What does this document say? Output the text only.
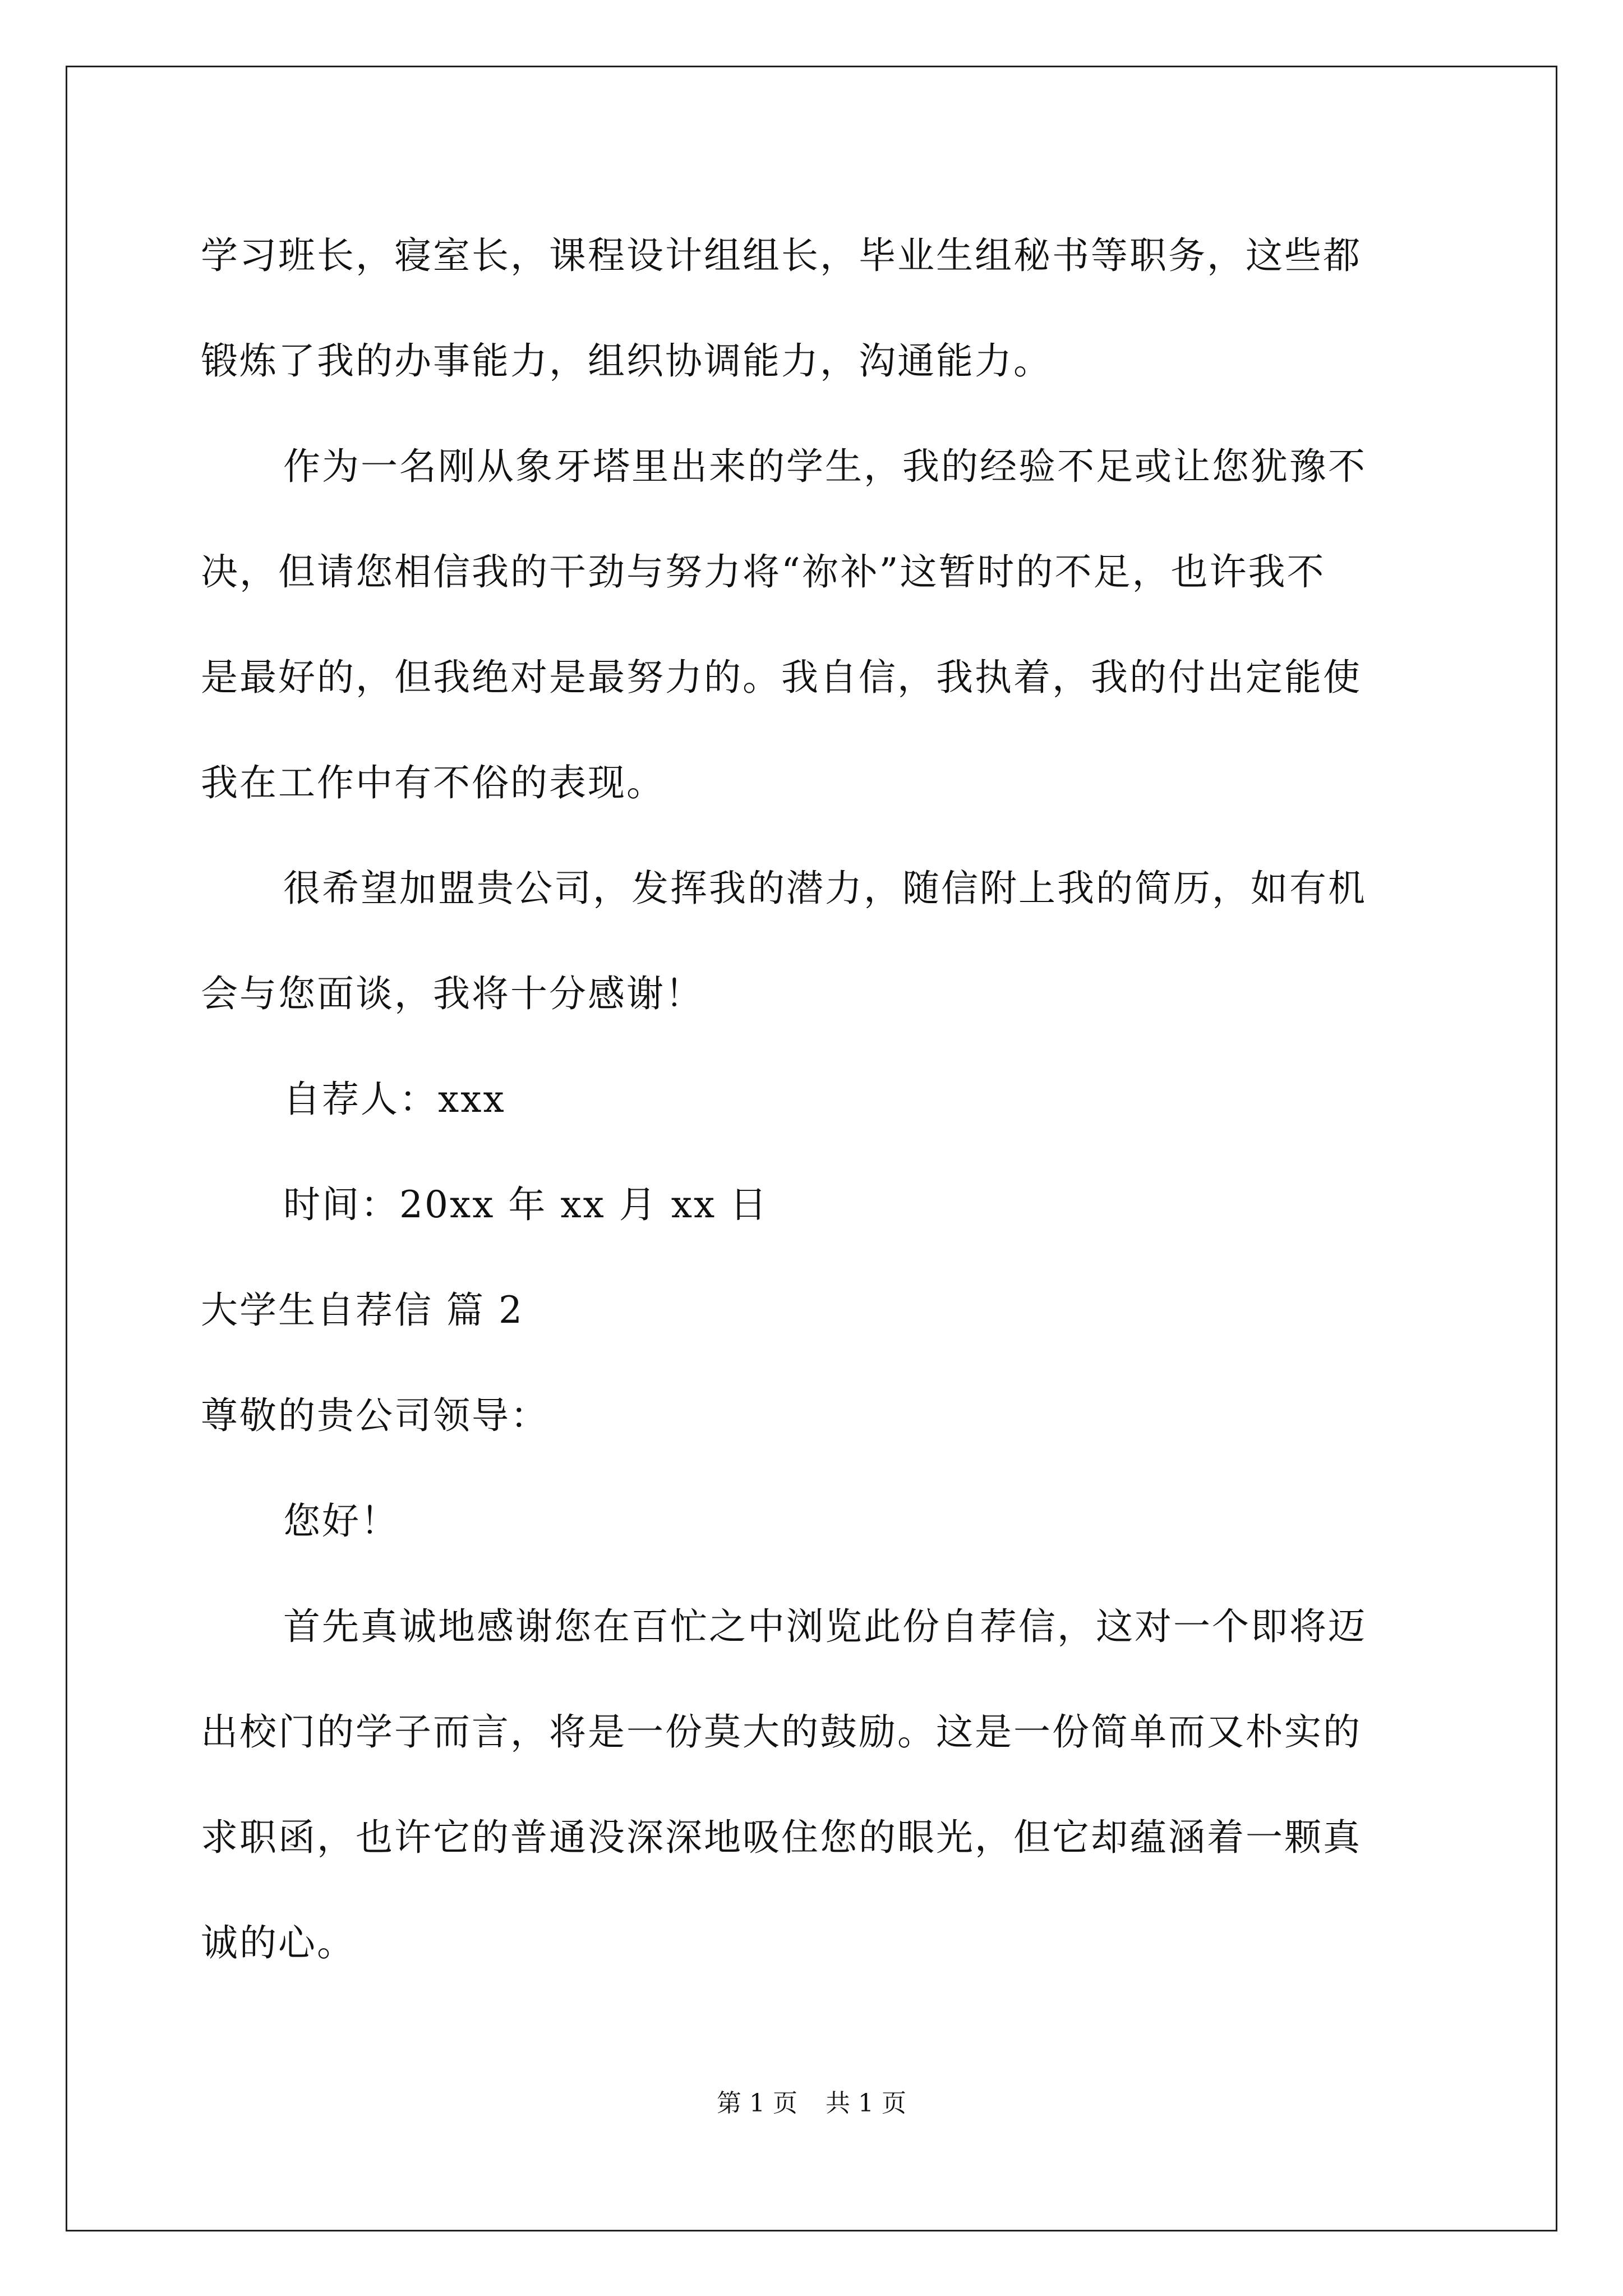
学习班长，寝室长，课程设计组组长，毕业生组秘书等职务，这些都
锻炼了我的办事能力，组织协调能力，沟通能力。
作为一名刚从象牙塔里出来的学生，我的经验不足或让您犹豫不
决，但请您相信我的干劲与努力将“祢补”这暂时的不足，也许我不
是最好的，但我绝对是最努力的。我自信，我执着，我的付出定能使
我在工作中有不俗的表现。
很希望加盟贵公司，发挥我的潜力，随信附上我的简历，如有机
会与您面谈，我将十分感谢！
自荐人：xxx
时间：20xx 年 xx 月 xx 日
大学生自荐信 篇 2
尊敬的贵公司领导：
您好！
首先真诚地感谢您在百忙之中浏览此份自荐信，这对一个即将迈
出校门的学子而言，将是一份莫大的鼓励。这是一份简单而又朴实的
求职函，也许它的普通没深深地吸住您的眼光，但它却蕴涵着一颗真
诚的心。
第 1 页 共 1 页
